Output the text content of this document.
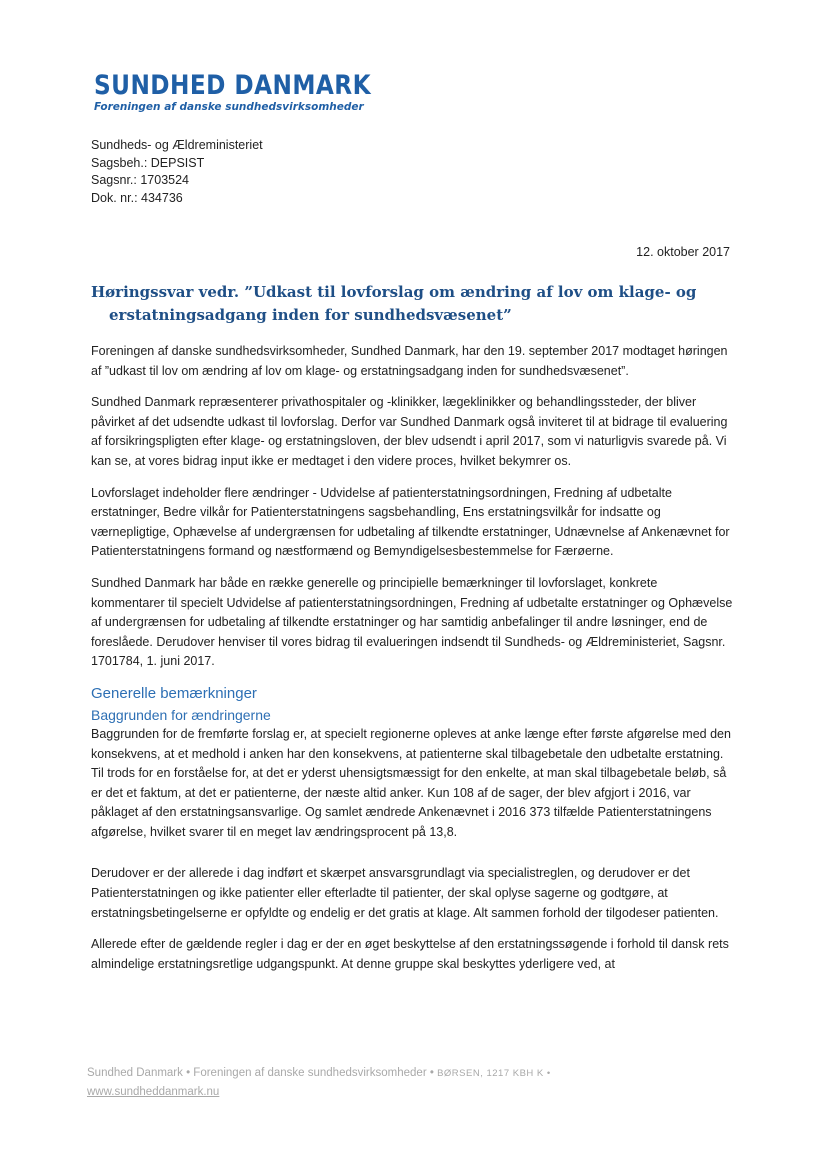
SUNDHED DANMARK
Foreningen af danske sundhedsvirksomheder
Sundheds- og Ældreministeriet
Sagsbeh.: DEPSIST
Sagsnr.: 1703524
Dok. nr.: 434736
12. oktober 2017
Høringssvar vedr. ”Udkast til lovforslag om ændring af lov om klage- og
erstatningsadgang inden for sundhedsvæsenet”

Foreningen af danske sundhedsvirksomheder, Sundhed Danmark, har den 19. september 2017 modtaget høringen af ”udkast til lov om ændring af lov om klage- og erstatningsadgang inden for sundhedsvæsenet”.

Sundhed Danmark repræsenterer privathospitaler og -klinikker, lægeklinikker og behandlingssteder, der bliver påvirket af det udsendte udkast til lovforslag. Derfor var Sundhed Danmark også inviteret til at bidrage til evaluering af forsikringspligten efter klage- og erstatningsloven, der blev udsendt i april 2017, som vi naturligvis svarede på. Vi kan se, at vores bidrag input ikke er medtaget i den videre proces, hvilket bekymrer os.

Lovforslaget indeholder flere ændringer - Udvidelse af patienterstatningsordningen, Fredning af udbetalte erstatninger, Bedre vilkår for Patienterstatningens sagsbehandling, Ens erstatningsvilkår for indsatte og værnepligtige, Ophævelse af undergrænsen for udbetaling af tilkendte erstatninger, Udnævnelse af Ankenævnet for Patienterstatningens formand og næstformænd og Bemyndigelsesbestemmelse for Færøerne.

Sundhed Danmark har både en række generelle og principielle bemærkninger til lovforslaget, konkrete kommentarer til specielt Udvidelse af patienterstatningsordningen, Fredning af udbetalte erstatninger og Ophævelse af undergrænsen for udbetaling af tilkendte erstatninger og har samtidig anbefalinger til andre løsninger, end de foreslåede. Derudover henviser til vores bidrag til evalueringen indsendt til Sundheds- og Ældreministeriet, Sagsnr. 1701784, 1. juni 2017.

Generelle bemærkninger
Baggrunden for ændringerne

Baggrunden for de fremførte forslag er, at specielt regionerne opleves at anke længe efter første afgørelse med den konsekvens, at et medhold i anken har den konsekvens, at patienterne skal tilbagebetale den udbetalte erstatning. Til trods for en forståelse for, at det er yderst uhensigtsmæssigt for den enkelte, at man skal tilbagebetale beløb, så er det et faktum, at det er patienterne, der næste altid anker. Kun 108 af de sager, der blev afgjort i 2016, var påklaget af den erstatningsansvarlige. Og samlet ændrede Ankenævnet i 2016 373 tilfælde Patienterstatningens afgørelse, hvilket svarer til en meget lav ændringsprocent på 13,8.

Derudover er der allerede i dag indført et skærpet ansvarsgrundlagt via specialistreglen, og derudover er det Patienterstatningen og ikke patienter eller efterladte til patienter, der skal oplyse sagerne og godtgøre, at erstatningsbetingelserne er opfyldte og endelig er det gratis at klage. Alt sammen forhold der tilgodeser patienten.

Allerede efter de gældende regler i dag er der en øget beskyttelse af den erstatningssøgende i forhold til dansk rets almindelige erstatningsretlige udgangspunkt. At denne gruppe skal beskyttes yderligere ved, at

Sundhed Danmark • Foreningen af danske sundhedsvirksomheder • BØRSEN, 1217 KBH K •
www.sundheddanmark.nu
